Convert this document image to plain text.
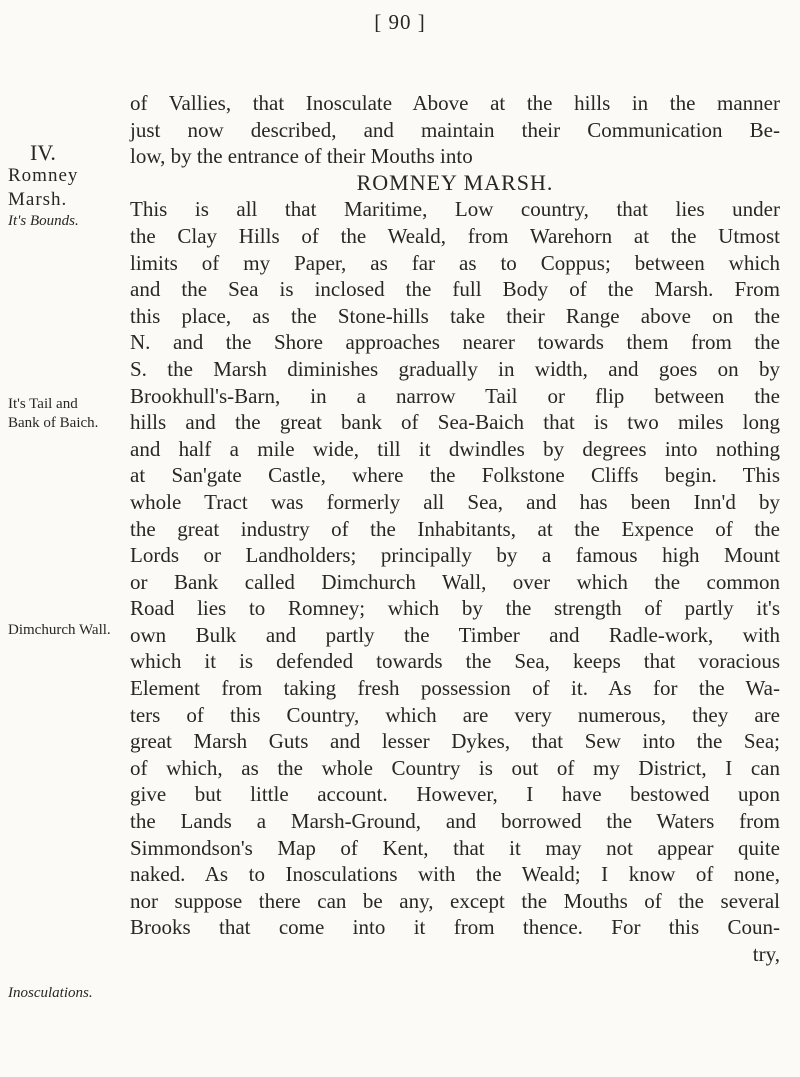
[ 90 ]
IV.
Romney
Marsh.
It's Bounds.
It's Tail and
Bank of Baich.
Dimchurch Wall.
Inosculations.
of Vallies, that Inosculate Above at the hills in the manner
just now described, and maintain their Communication Be-
low, by the entrance of their Mouths into
ROMNEY MARSH.
This is all that Maritime, Low country, that lies under
the Clay Hills of the Weald, from Warehorn at the Utmost
limits of my Paper, as far as to Coppus; between which
and the Sea is inclosed the full Body of the Marsh. From
this place, as the Stone-hills take their Range above on the
N. and the Shore approaches nearer towards them from the
S. the Marsh diminishes gradually in width, and goes on by
Brookhull's-Barn, in a narrow Tail or flip between the
hills and the great bank of Sea-Baich that is two miles long
and half a mile wide, till it dwindles by degrees into nothing
at San'gate Castle, where the Folkstone Cliffs begin. This
whole Tract was formerly all Sea, and has been Inn'd by
the great industry of the Inhabitants, at the Expence of the
Lords or Landholders; principally by a famous high Mount
or Bank called Dimchurch Wall, over which the common
Road lies to Romney; which by the strength of partly it's
own Bulk and partly the Timber and Radle-work, with
which it is defended towards the Sea, keeps that voracious
Element from taking fresh possession of it. As for the Wa-
ters of this Country, which are very numerous, they are
great Marsh Guts and lesser Dykes, that Sew into the Sea;
of which, as the whole Country is out of my District, I can
give but little account. However, I have bestowed upon
the Lands a Marsh-Ground, and borrowed the Waters from
Simmondson's Map of Kent, that it may not appear quite
naked. As to Inosculations with the Weald; I know of none,
nor suppose there can be any, except the Mouths of the several
Brooks that come into it from thence. For this Coun-
try,
